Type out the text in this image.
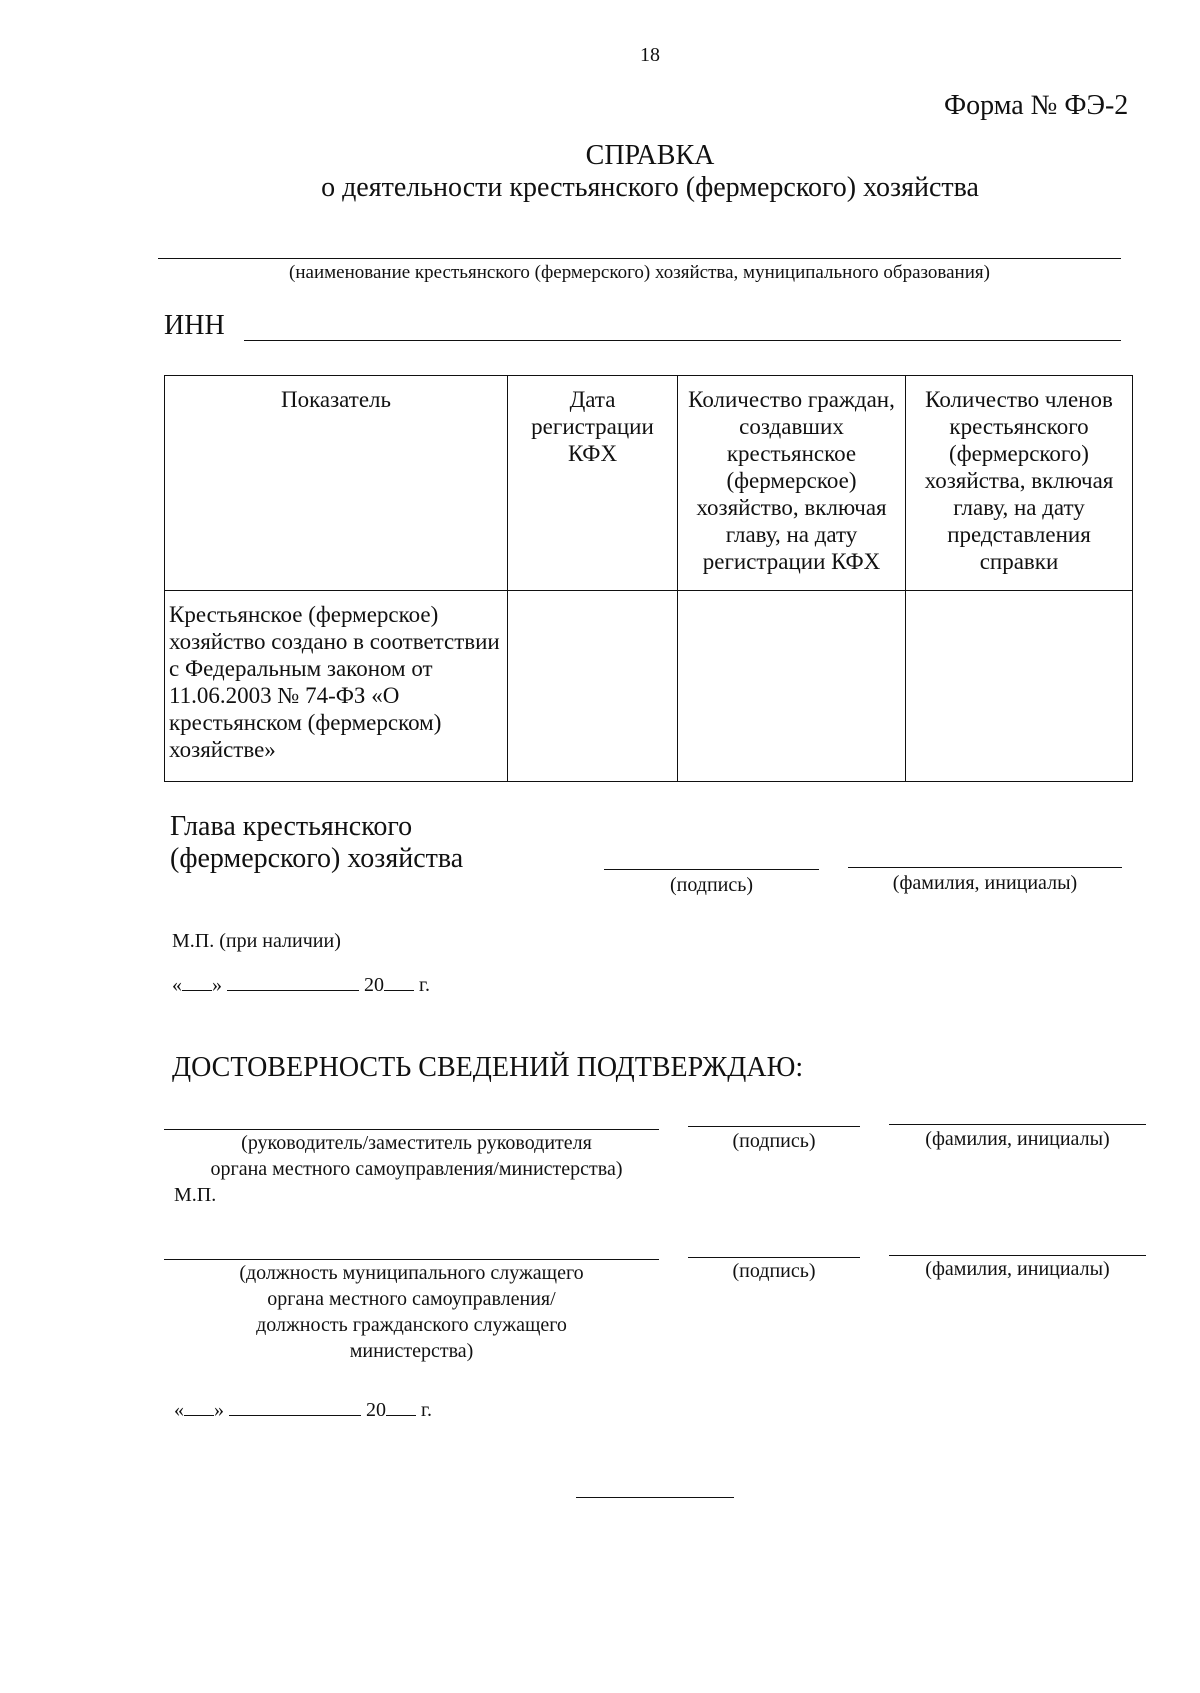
18
Форма № ФЭ-2
СПРАВКА
о деятельности крестьянского (фермерского) хозяйства
(наименование крестьянского (фермерского) хозяйства, муниципального образования)
ИНН
Показатель	Дата регистрации КФХ	Количество граждан, создавших крестьянское (фермерское) хозяйство, включая главу, на дату регистрации КФХ	Количество членов крестьянского (фермерского) хозяйства, включая главу, на дату представления справки
Крестьянское (фермерское) хозяйство создано в соответствии с Федеральным законом от 11.06.2003 № 74-ФЗ «О крестьянском (фермерском) хозяйстве»			
Глава крестьянского
(фермерского) хозяйства
(подпись)	(фамилия, инициалы)
М.П. (при наличии)
« »	20 г.
ДОСТОВЕРНОСТЬ СВЕДЕНИЙ ПОДТВЕРЖДАЮ:
(руководитель/заместитель руководителя
органа местного самоуправления/министерства)
М.П.
(подпись)	(фамилия, инициалы)
(должность муниципального служащего
органа местного самоуправления/
должность гражданского служащего
министерства)
(подпись)	(фамилия, инициалы)
« »	20 г.
